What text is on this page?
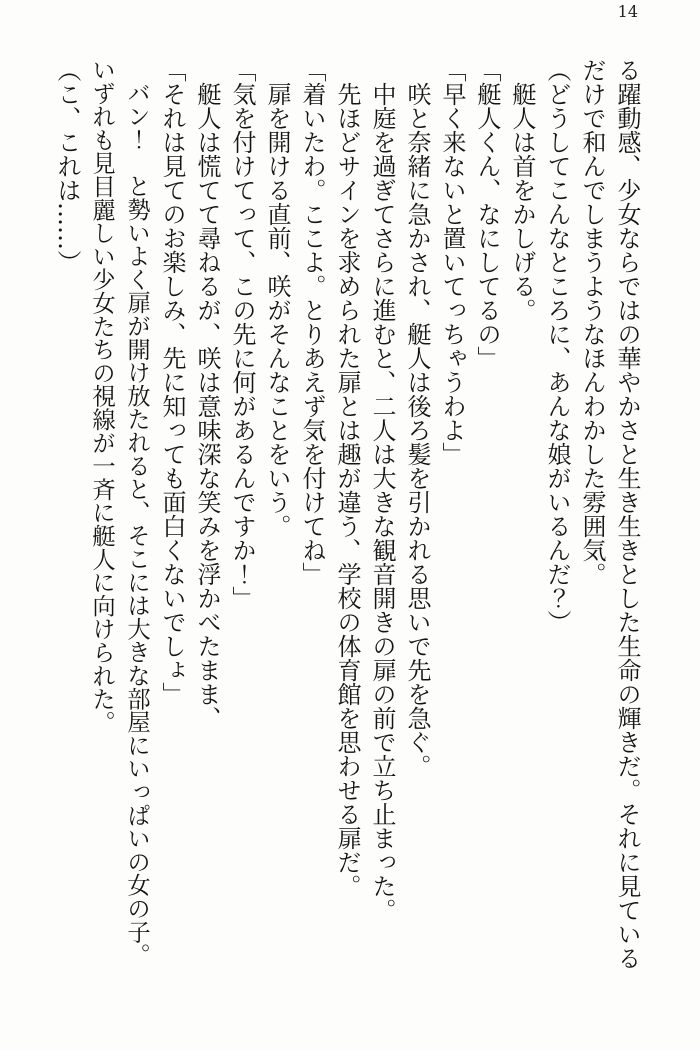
14

る躍動感、少女ならではの華やかさと生き生きとした生命の輝きだ。それに見ているだけで和んでしまうようなほんわかした雰囲気。

（どうしてこんなところに、あんな娘がいるんだ？）

艇人は首をかしげる。

「艇人くん、なにしてるの」

「早く来ないと置いてっちゃうわよ」

咲と奈緒に急かされ、艇人は後ろ髪を引かれる思いで先を急ぐ。

中庭を過ぎてさらに進むと、二人は大きな観音開きの扉の前で立ち止まった。

先ほどサインを求められた扉とは趣が違う、学校の体育館を思わせる扉だ。

「着いたわ。ここよ。とりあえず気を付けてね」

扉を開ける直前、咲がそんなことをいう。

「気を付けてって、この先に何があるんですか！」

艇人は慌てて尋ねるが、咲は意味深な笑みを浮かべたまま、

「それは見てのお楽しみ、先に知っても面白くないでしょ」

バン！　と勢いよく扉が開け放たれると、そこには大きな部屋にいっぱいの女の子。いずれも見目麗しい少女たちの視線が一斉に艇人に向けられた。

（こ、これは……）
